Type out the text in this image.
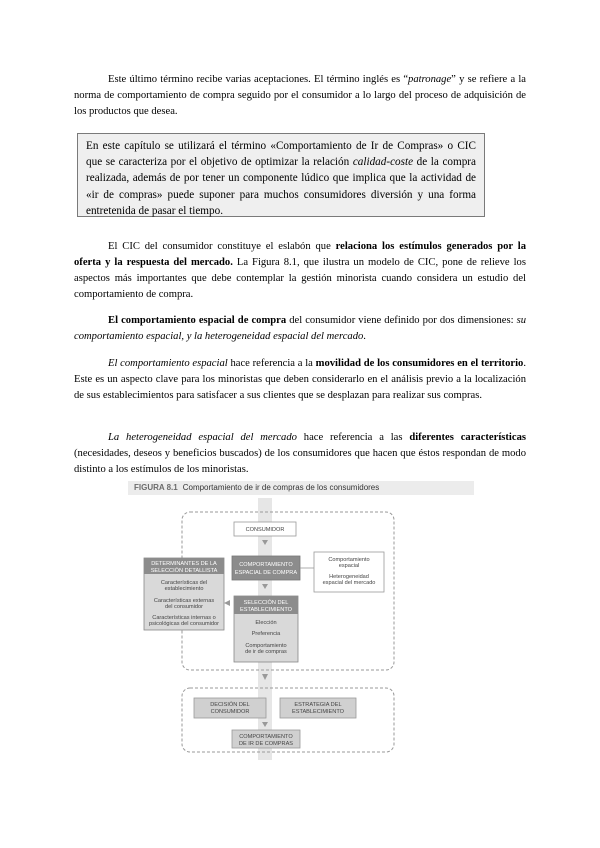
Este último término recibe varias aceptaciones. El término inglés es “patronage” y se refiere a la norma de comportamiento de compra seguido por el consumidor a lo largo del proceso de adquisición de los productos que desea.

En este capítulo se utilizará el término «Comportamiento de Ir de Compras» o CIC que se caracteriza por el objetivo de optimizar la relación calidad-coste de la compra realizada, además de por tener un componente lúdico que implica que la actividad de «ir de compras» puede suponer para muchos consumidores diversión y una forma entretenida de pasar el tiempo.

El CIC del consumidor constituye el eslabón que relaciona los estímulos generados por la oferta y la respuesta del mercado. La Figura 8.1, que ilustra un modelo de CIC, pone de relieve los aspectos más importantes que debe contemplar la gestión minorista cuando considera un estudio del comportamiento de compra.

El comportamiento espacial de compra del consumidor viene definido por dos dimensiones: su comportamiento espacial, y la heterogeneidad espacial del mercado.

El comportamiento espacial hace referencia a la movilidad de los consumidores en el territorio. Este es un aspecto clave para los minoristas que deben considerarlo en el análisis previo a la localización de sus establecimientos para satisfacer a sus clientes que se desplazan para realizar sus compras.

La heterogeneidad espacial del mercado hace referencia a las diferentes características (necesidades, deseos y beneficios buscados) de los consumidores que hacen que éstos respondan de modo distinto a los estímulos de los minoristas.

FIGURA 8.1 Comportamiento de ir de compras de los consumidores
CONSUMIDOR
DETERMINANTES DE LA
SELECCIÓN DETALLISTA
Características del
establecimiento
Características externas
del consumidor
Características internas o
psicológicas del consumidor
COMPORTAMIENTO
ESPACIAL DE COMPRA
Comportamiento
espacial
Heterogeneidad
espacial del mercado
SELECCIÓN DEL
ESTABLECIMIENTO
Elección
Preferencia
Comportamiento
de ir de compras
DECISIÓN DEL
CONSUMIDOR
ESTRATEGIA DEL
ESTABLECIMIENTO
COMPORTAMIENTO
DE IR DE COMPRAS
